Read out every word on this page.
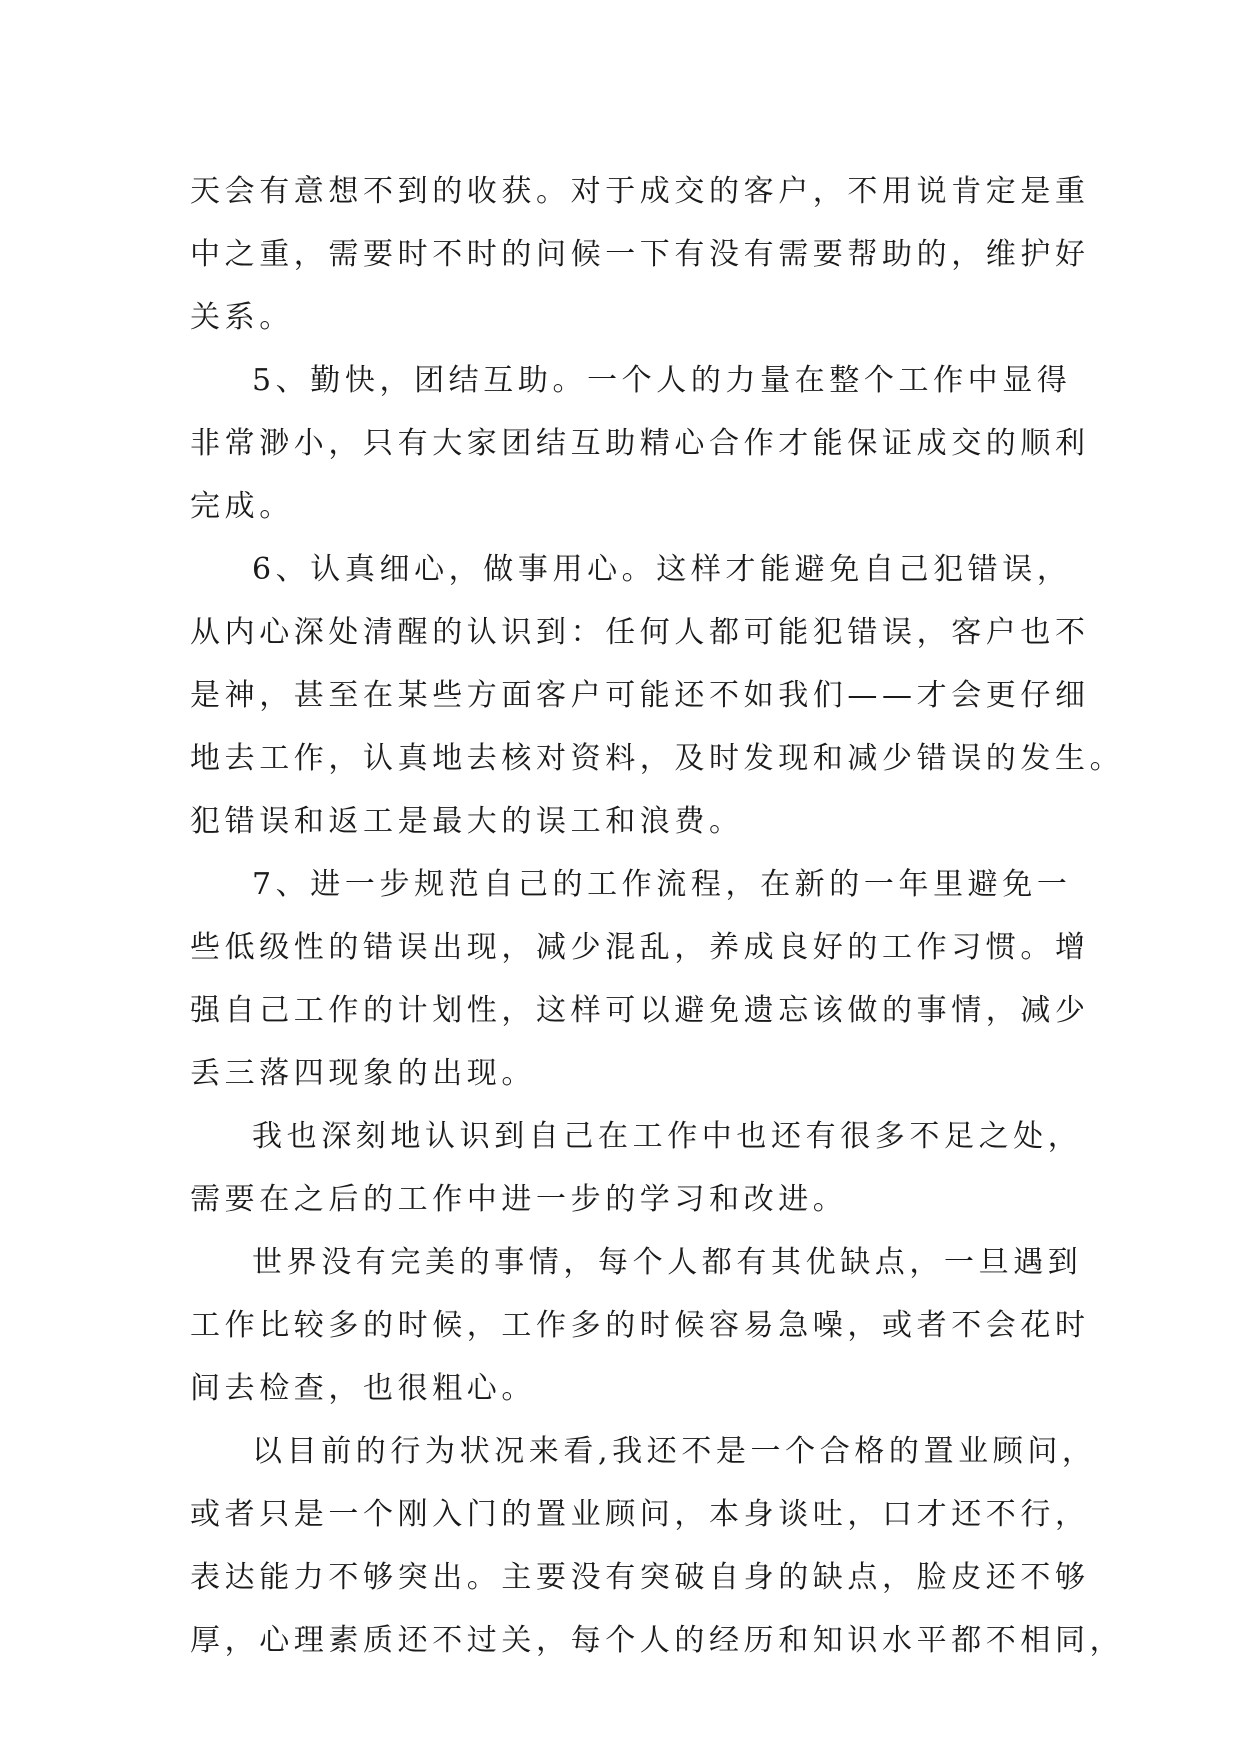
天会有意想不到的收获。对于成交的客户，不用说肯定是重
中之重，需要时不时的问候一下有没有需要帮助的，维护好
关系。
5、勤快，团结互助。一个人的力量在整个工作中显得
非常渺小，只有大家团结互助精心合作才能保证成交的顺利
完成。
6、认真细心，做事用心。这样才能避免自己犯错误，
从内心深处清醒的认识到：任何人都可能犯错误，客户也不
是神，甚至在某些方面客户可能还不如我们——才会更仔细
地去工作，认真地去核对资料，及时发现和减少错误的发生。
犯错误和返工是最大的误工和浪费。
7、进一步规范自己的工作流程，在新的一年里避免一
些低级性的错误出现，减少混乱，养成良好的工作习惯。增
强自己工作的计划性，这样可以避免遗忘该做的事情，减少
丢三落四现象的出现。
我也深刻地认识到自己在工作中也还有很多不足之处，
需要在之后的工作中进一步的学习和改进。
世界没有完美的事情，每个人都有其优缺点，一旦遇到
工作比较多的时候，工作多的时候容易急噪，或者不会花时
间去检查，也很粗心。
以目前的行为状况来看,我还不是一个合格的置业顾问，
或者只是一个刚入门的置业顾问，本身谈吐，口才还不行，
表达能力不够突出。主要没有突破自身的缺点，脸皮还不够
厚，心理素质还不过关，每个人的经历和知识水平都不相同，
